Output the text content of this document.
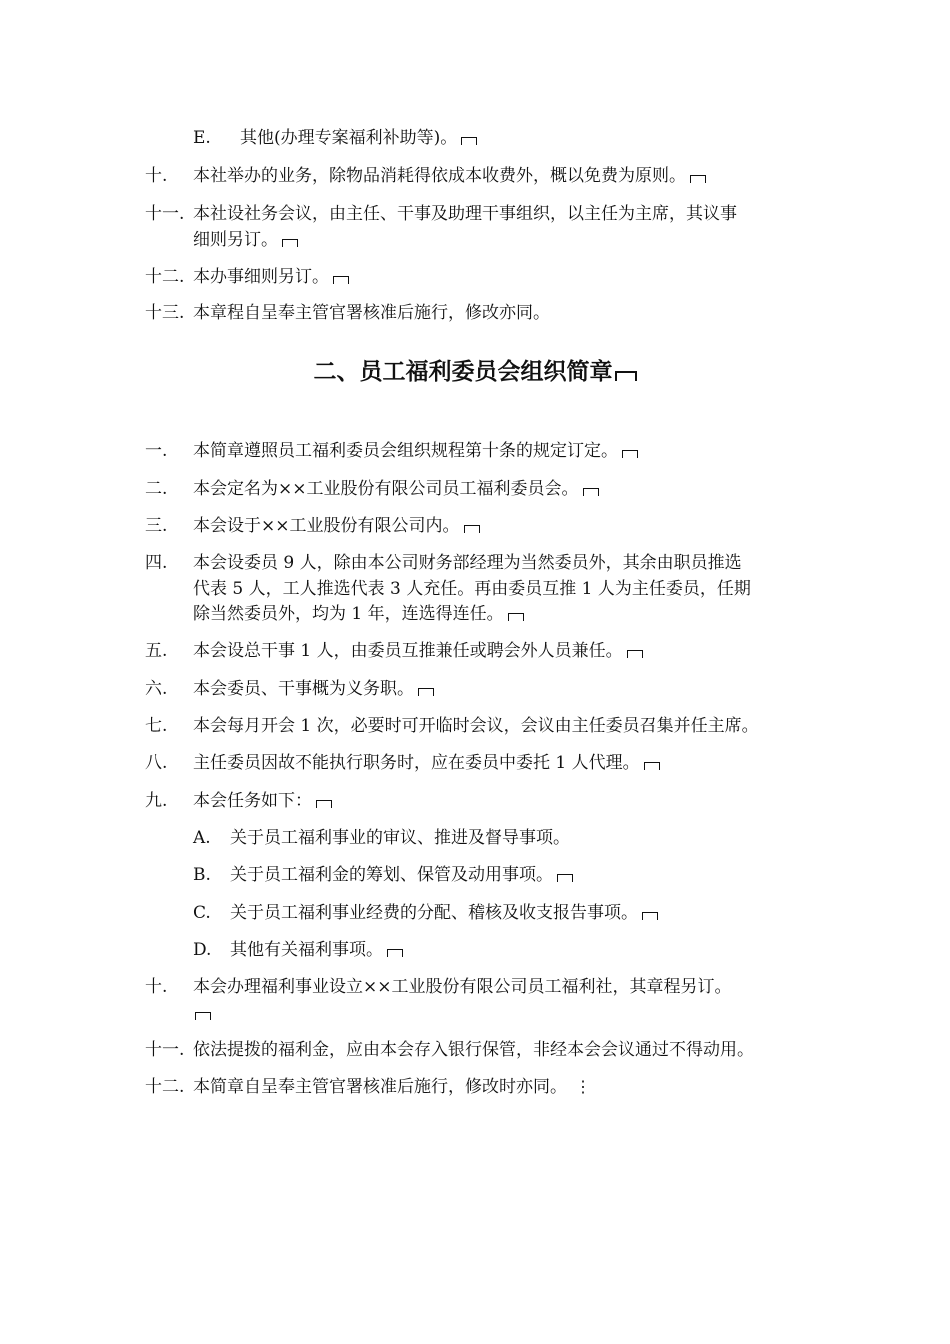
E. 其他(办理专案福利补助等)。
十. 本社举办的业务，除物品消耗得依成本收费外，概以免费为原则。
十一. 本社设社务会议，由主任、干事及助理干事组织，以主任为主席，其议事
细则另订。
十二. 本办事细则另订。
十三. 本章程自呈奉主管官署核准后施行，修改亦同。
二、员工福利委员会组织简章
一. 本简章遵照员工福利委员会组织规程第十条的规定订定。
二. 本会定名为××工业股份有限公司员工福利委员会。
三. 本会设于××工业股份有限公司内。
四. 本会设委员 9 人，除由本公司财务部经理为当然委员外，其余由职员推选
代表 5 人，工人推选代表 3 人充任。再由委员互推 1 人为主任委员，任期
除当然委员外，均为 1 年，连选得连任。
五. 本会设总干事 1 人，由委员互推兼任或聘会外人员兼任。
六. 本会委员、干事概为义务职。
七. 本会每月开会 1 次，必要时可开临时会议，会议由主任委员召集并任主席。
八. 主任委员因故不能执行职务时，应在委员中委托 1 人代理。
九. 本会任务如下：
A. 关于员工福利事业的审议、推进及督导事项。
B. 关于员工福利金的筹划、保管及动用事项。
C. 关于员工福利事业经费的分配、稽核及收支报告事项。
D. 其他有关福利事项。
十. 本会办理福利事业设立××工业股份有限公司员工福利社，其章程另订。
十一. 依法提拨的福利金，应由本会存入银行保管，非经本会会议通过不得动用。
十二. 本简章自呈奉主管官署核准后施行，修改时亦同。 ⋮
